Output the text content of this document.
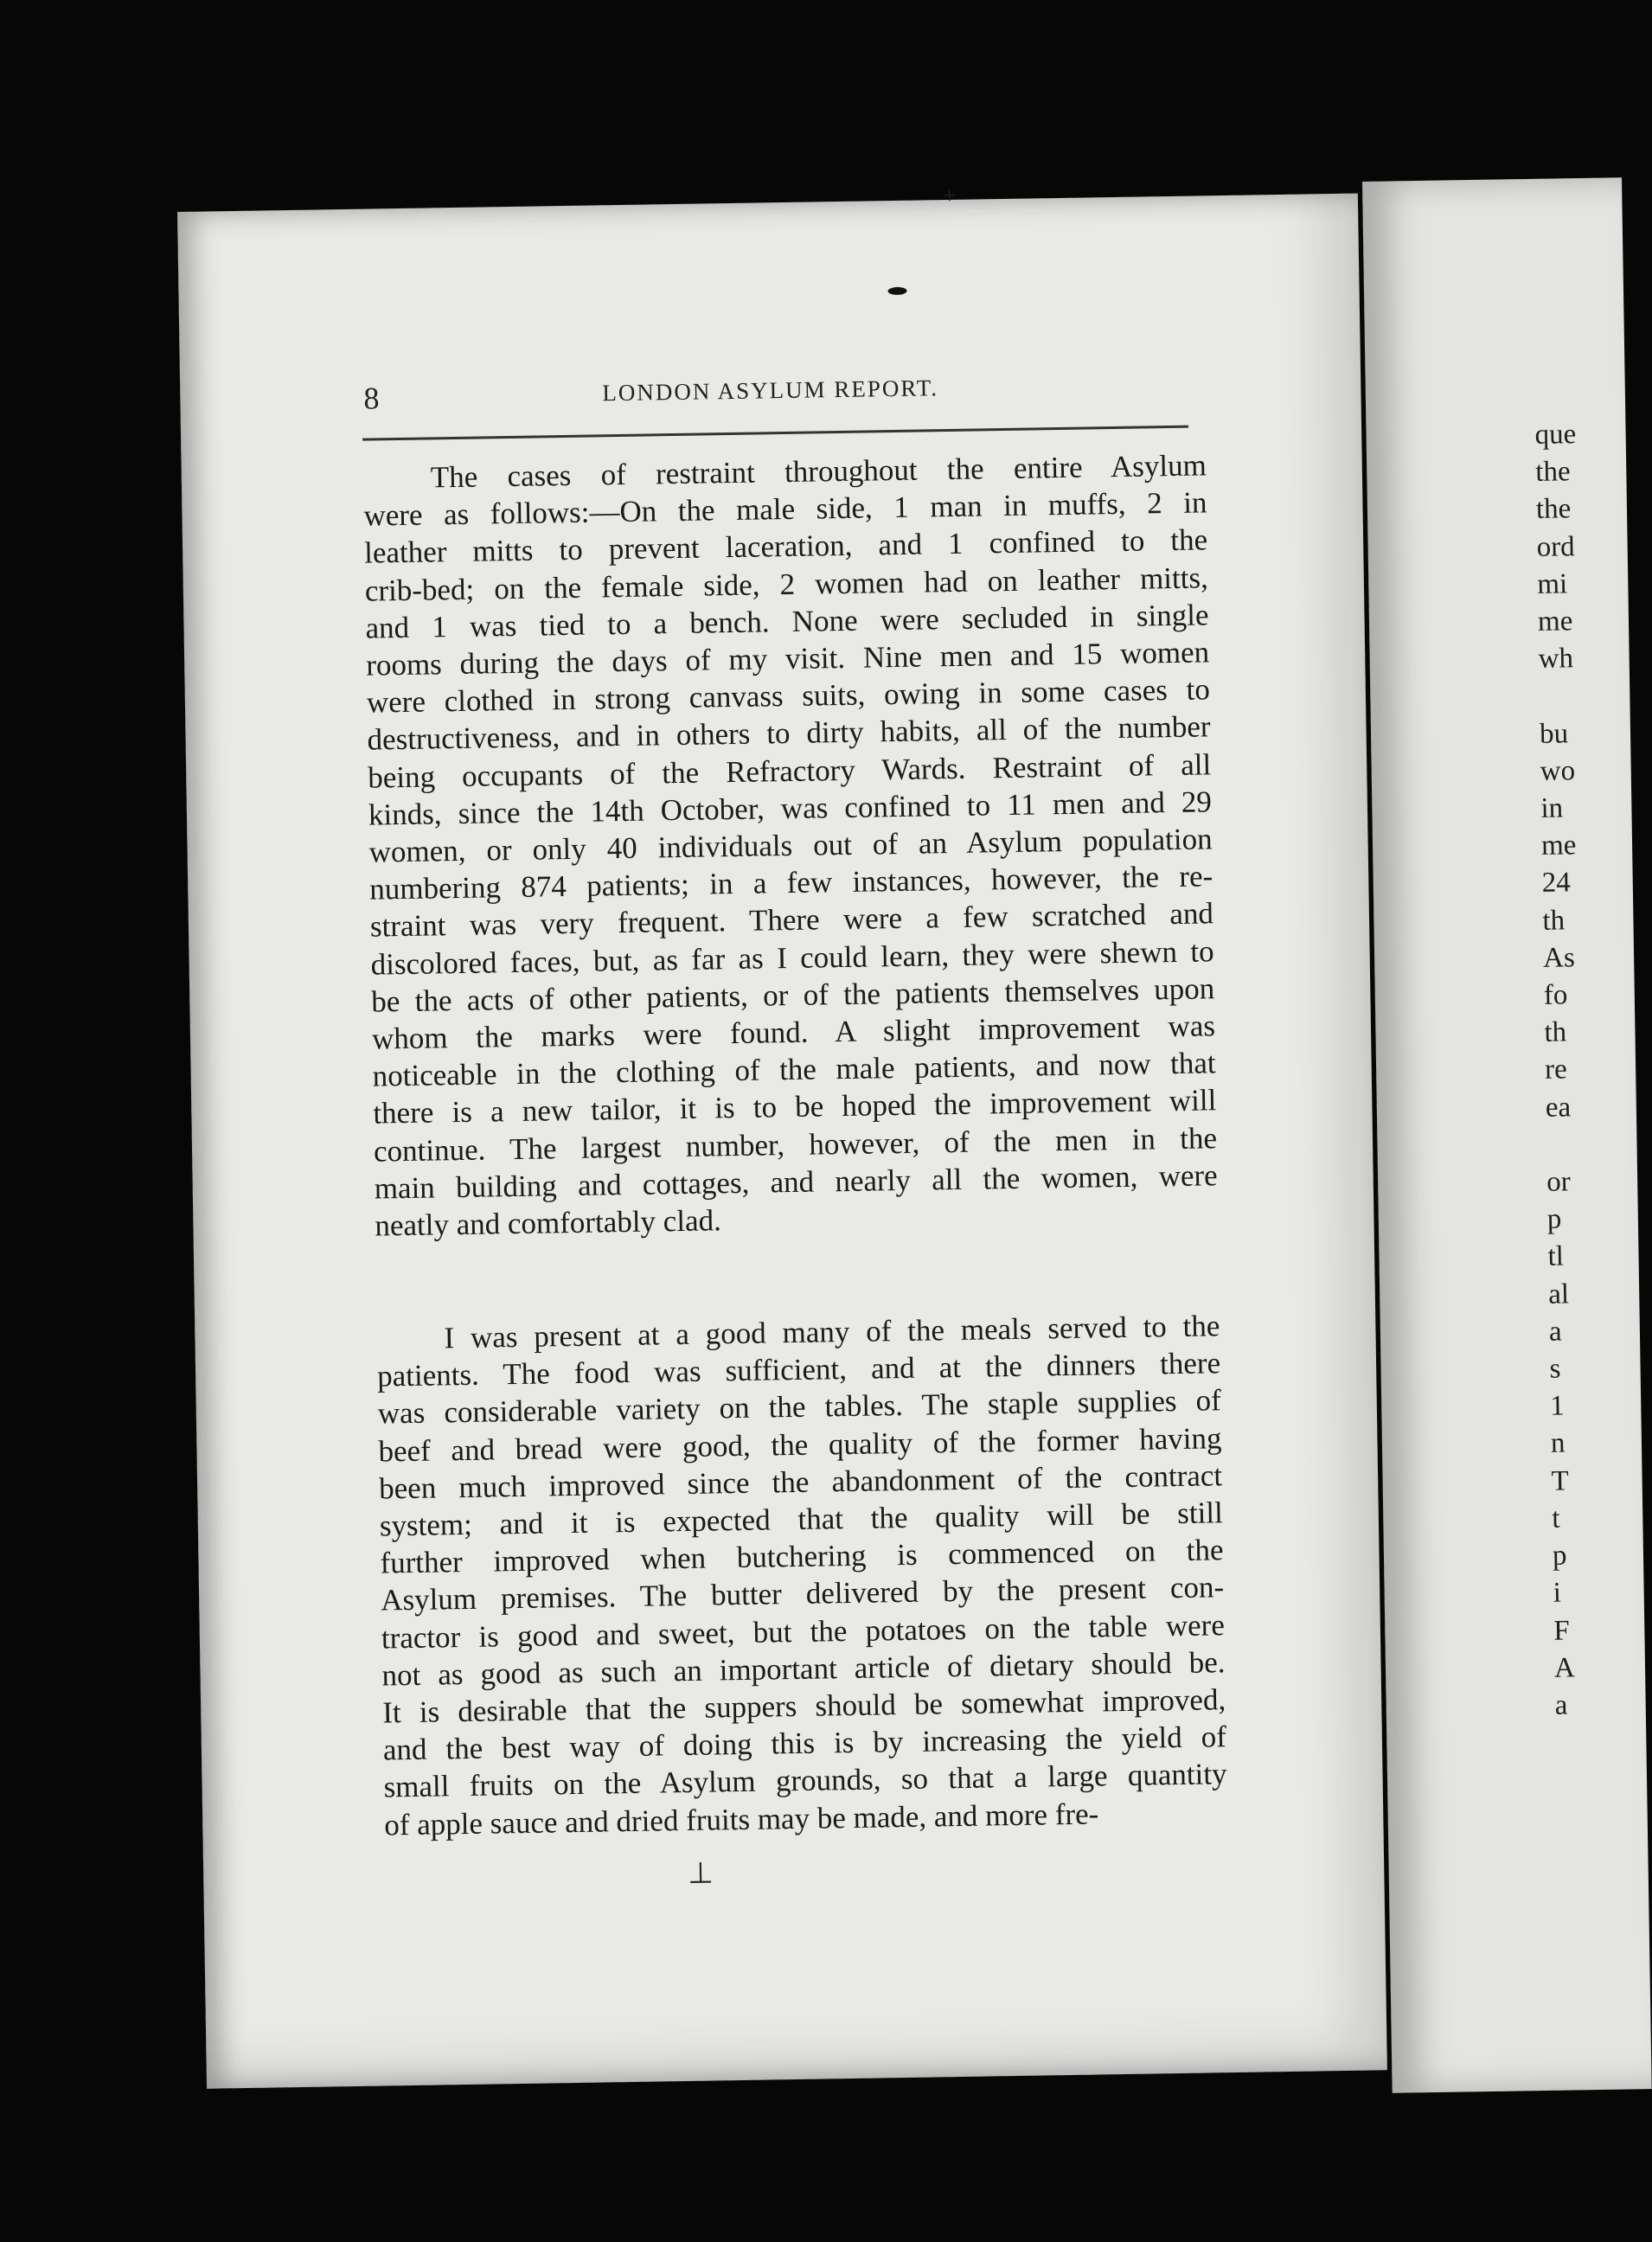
que
the
the
ord
mi
me
wh

bu
wo
in
me
24
th
As
fo
th
re
ea

or
p
tl
al
a
s
1
n
T
t
p
i
F
A
a
8	LONDON ASYLUM REPORT.
The cases of restraint throughout the entire Asylum
were as follows:—On the male side, 1 man in muffs, 2 in
leather mitts to prevent laceration, and 1 confined to the
crib-bed; on the female side, 2 women had on leather mitts,
and 1 was tied to a bench. None were secluded in single
rooms during the days of my visit. Nine men and 15 women
were clothed in strong canvass suits, owing in some cases to
destructiveness, and in others to dirty habits, all of the number
being occupants of the Refractory Wards. Restraint of all
kinds, since the 14th October, was confined to 11 men and 29
women, or only 40 individuals out of an Asylum population
numbering 874 patients; in a few instances, however, the re-
straint was very frequent. There were a few scratched and
discolored faces, but, as far as I could learn, they were shewn to
be the acts of other patients, or of the patients themselves upon
whom the marks were found. A slight improvement was
noticeable in the clothing of the male patients, and now that
there is a new tailor, it is to be hoped the improvement will
continue. The largest number, however, of the men in the
main building and cottages, and nearly all the women, were
neatly and comfortably clad.
I was present at a good many of the meals served to the
patients. The food was sufficient, and at the dinners there
was considerable variety on the tables. The staple supplies of
beef and bread were good, the quality of the former having
been much improved since the abandonment of the contract
system; and it is expected that the quality will be still
further improved when butchering is commenced on the
Asylum premises. The butter delivered by the present con-
tractor is good and sweet, but the potatoes on the table were
not as good as such an important article of dietary should be.
It is desirable that the suppers should be somewhat improved,
and the best way of doing this is by increasing the yield of
small fruits on the Asylum grounds, so that a large quantity
of apple sauce and dried fruits may be made, and more fre-
+
⊥
